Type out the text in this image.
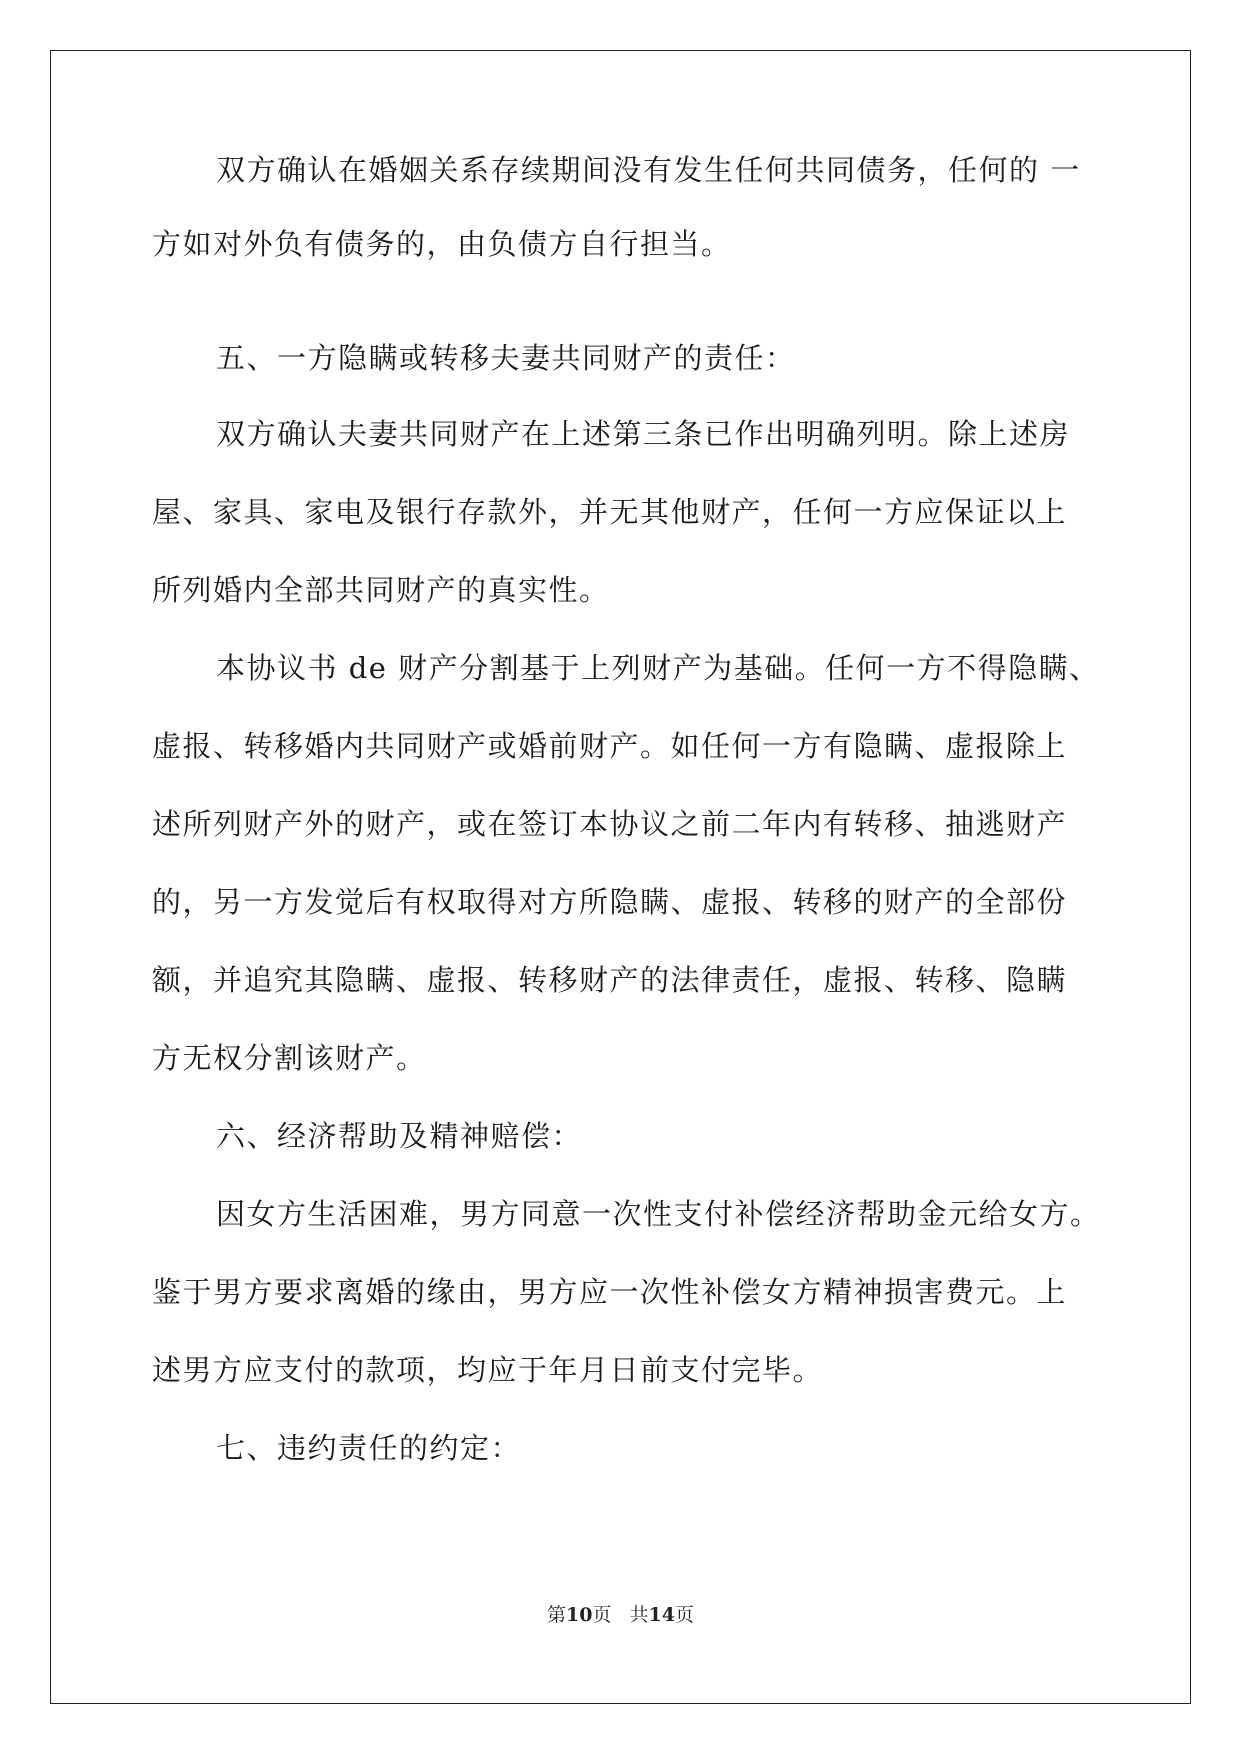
双方确认在婚姻关系存续期间没有发生任何共同债务，任何的 一
方如对外负有债务的，由负债方自行担当。
五、一方隐瞒或转移夫妻共同财产的责任：
双方确认夫妻共同财产在上述第三条已作出明确列明。除上述房
屋、家具、家电及银行存款外，并无其他财产，任何一方应保证以上
所列婚内全部共同财产的真实性。
本协议书 de 财产分割基于上列财产为基础。任何一方不得隐瞒、
虚报、转移婚内共同财产或婚前财产。如任何一方有隐瞒、虚报除上
述所列财产外的财产，或在签订本协议之前二年内有转移、抽逃财产
的，另一方发觉后有权取得对方所隐瞒、虚报、转移的财产的全部份
额，并追究其隐瞒、虚报、转移财产的法律责任，虚报、转移、隐瞒
方无权分割该财产。
六、经济帮助及精神赔偿：
因女方生活困难，男方同意一次性支付补偿经济帮助金元给女方。
鉴于男方要求离婚的缘由，男方应一次性补偿女方精神损害费元。上
述男方应支付的款项，均应于年月日前支付完毕。
七、违约责任的约定：
第10页 共14页
